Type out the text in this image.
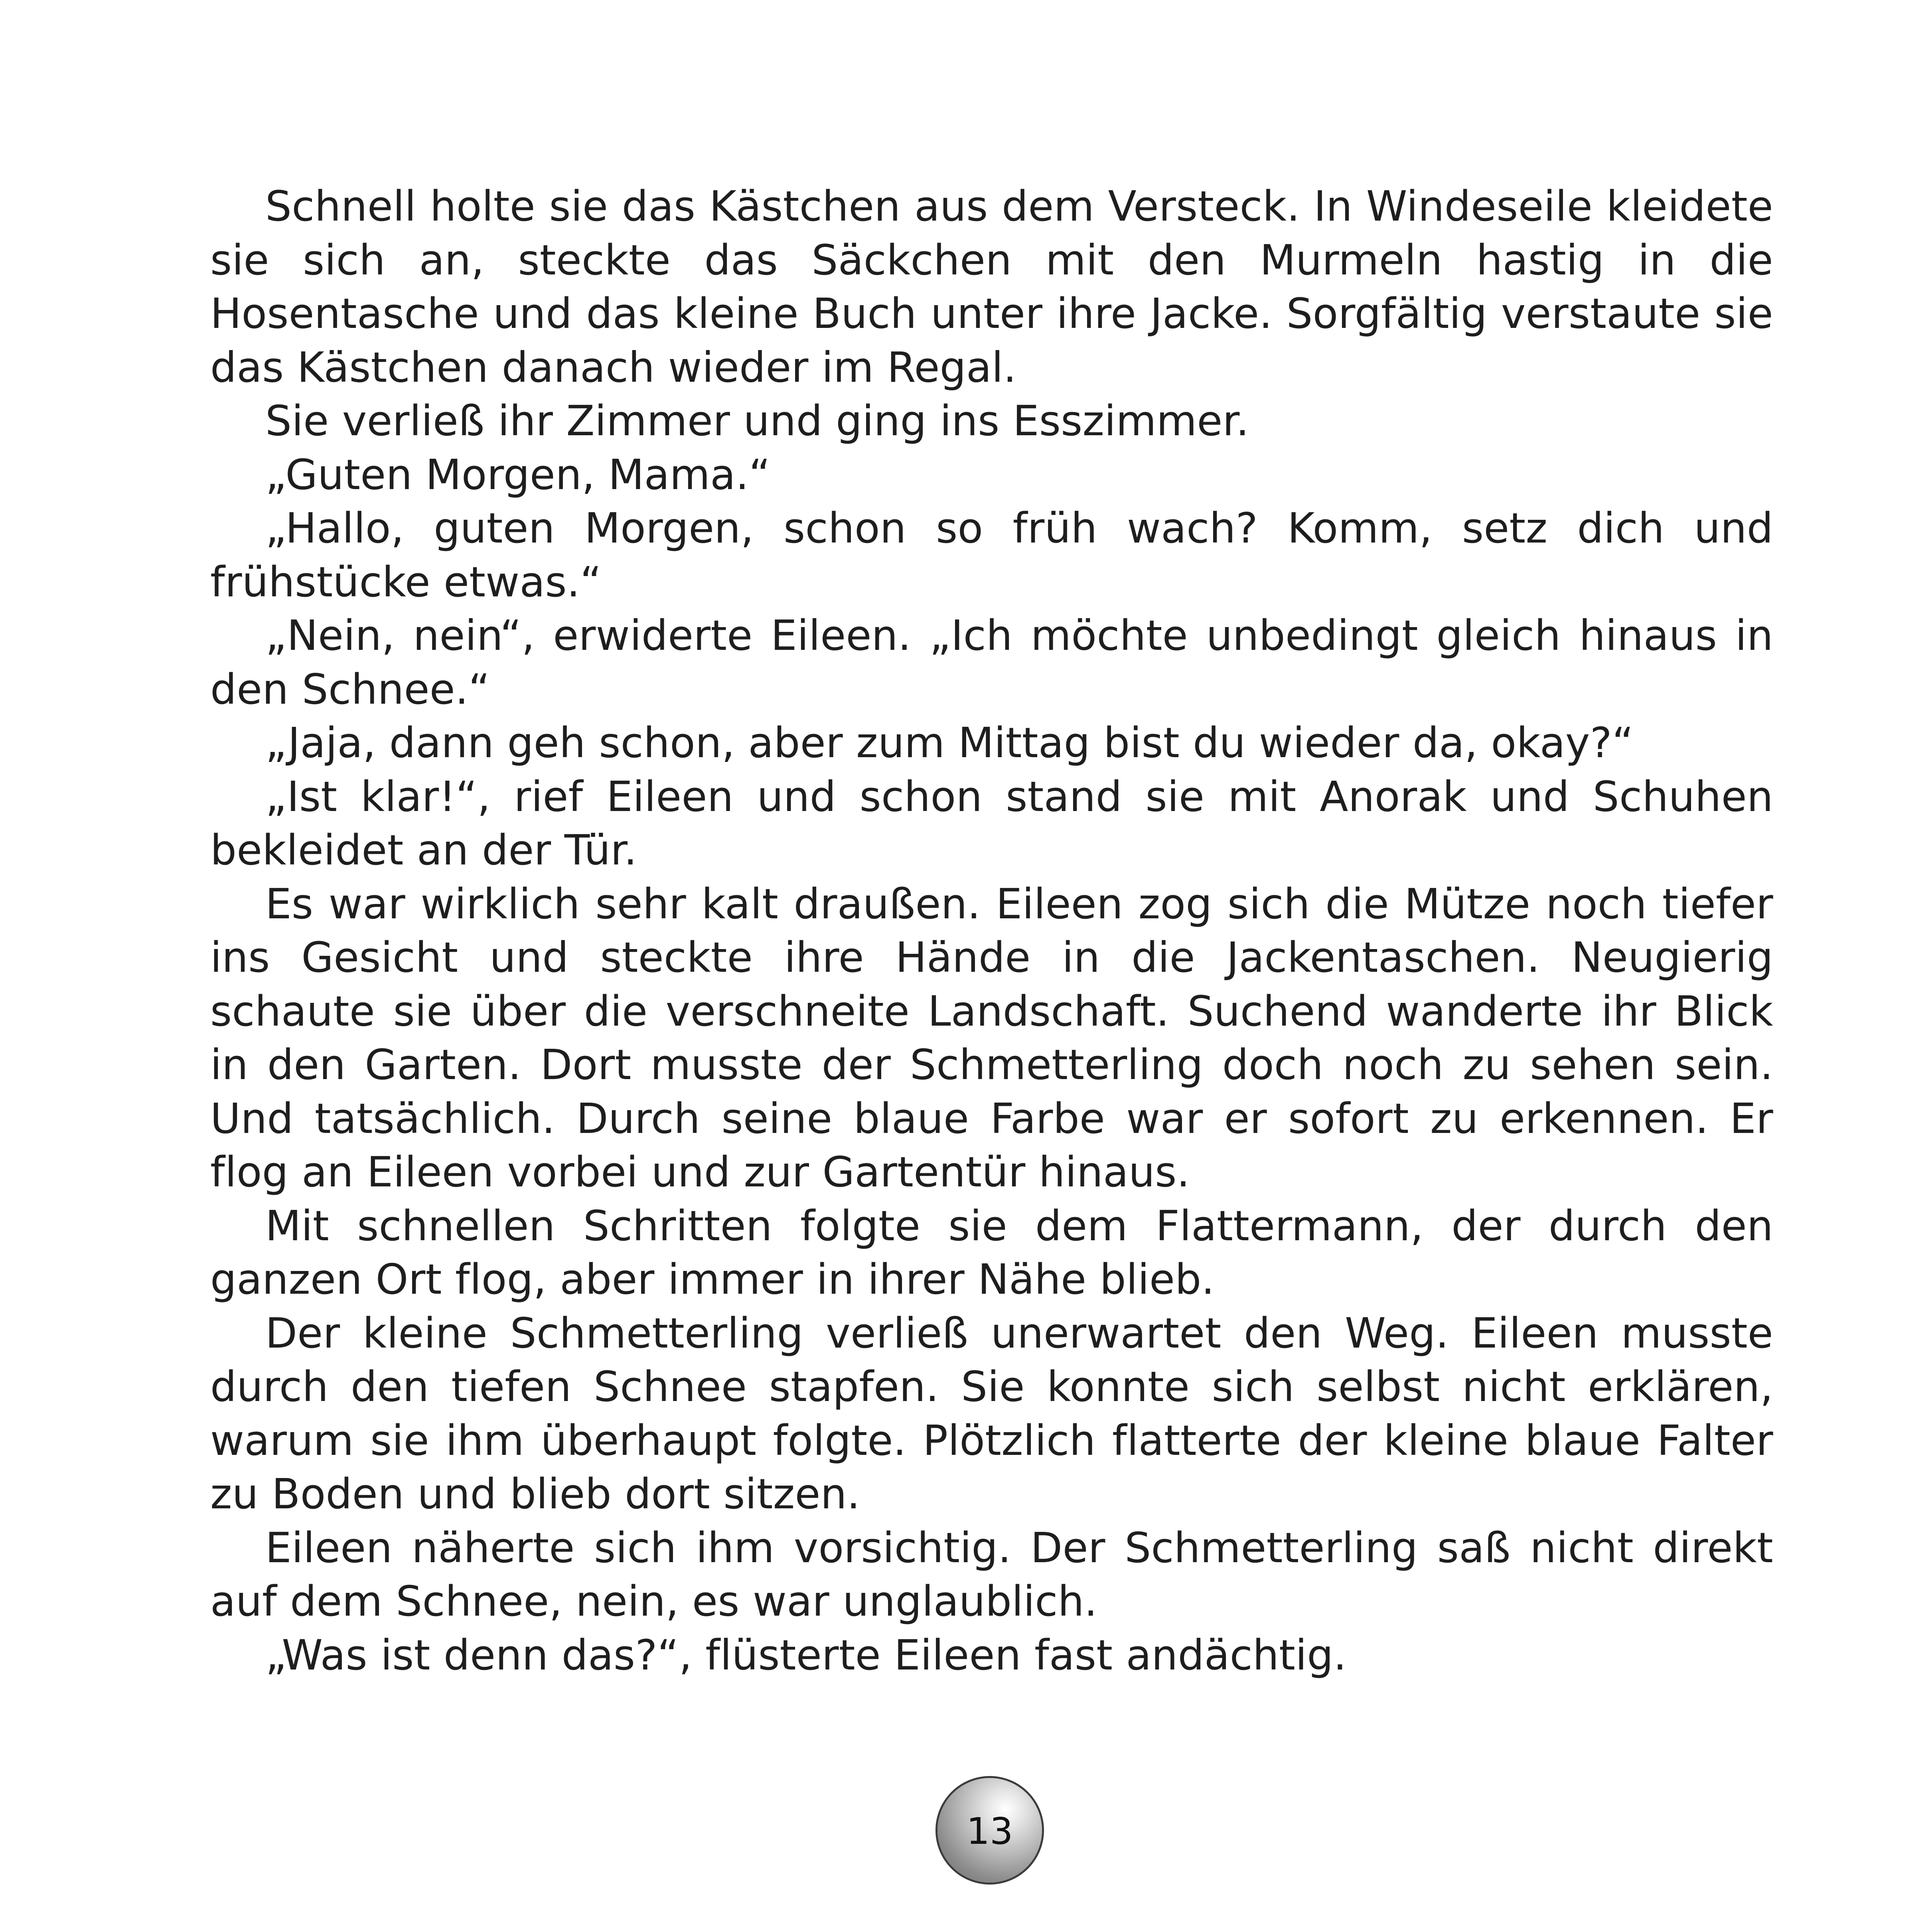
Schnell holte sie das Kästchen aus dem Versteck. In Windeseile kleidete sie sich an, steckte das Säckchen mit den Murmeln hastig in die Hosentasche und das kleine Buch unter ihre Jacke. Sorgfältig verstaute sie das Kästchen danach wieder im Regal.

Sie verließ ihr Zimmer und ging ins Esszimmer.

„Guten Morgen, Mama.“

„Hallo, guten Morgen, schon so früh wach? Komm, setz dich und frühstücke etwas.“

„Nein, nein“, erwiderte Eileen. „Ich möchte unbedingt gleich hinaus in den Schnee.“

„Jaja, dann geh schon, aber zum Mittag bist du wieder da, okay?“

„Ist klar!“, rief Eileen und schon stand sie mit Anorak und Schuhen bekleidet an der Tür.

Es war wirklich sehr kalt draußen. Eileen zog sich die Mütze noch tiefer ins Gesicht und steckte ihre Hände in die Jackentaschen. Neugierig schaute sie über die verschneite Landschaft. Suchend wanderte ihr Blick in den Garten. Dort musste der Schmetterling doch noch zu sehen sein. Und tatsächlich. Durch seine blaue Farbe war er sofort zu erkennen. Er flog an Eileen vorbei und zur Gartentür hinaus.

Mit schnellen Schritten folgte sie dem Flattermann, der durch den ganzen Ort flog, aber immer in ihrer Nähe blieb.

Der kleine Schmetterling verließ unerwartet den Weg. Eileen musste durch den tiefen Schnee stapfen. Sie konnte sich selbst nicht erklären, warum sie ihm überhaupt folgte. Plötzlich flatterte der kleine blaue Falter zu Boden und blieb dort sitzen.

Eileen näherte sich ihm vorsichtig. Der Schmetterling saß nicht direkt auf dem Schnee, nein, es war unglaublich.

„Was ist denn das?“, flüsterte Eileen fast andächtig.

13
